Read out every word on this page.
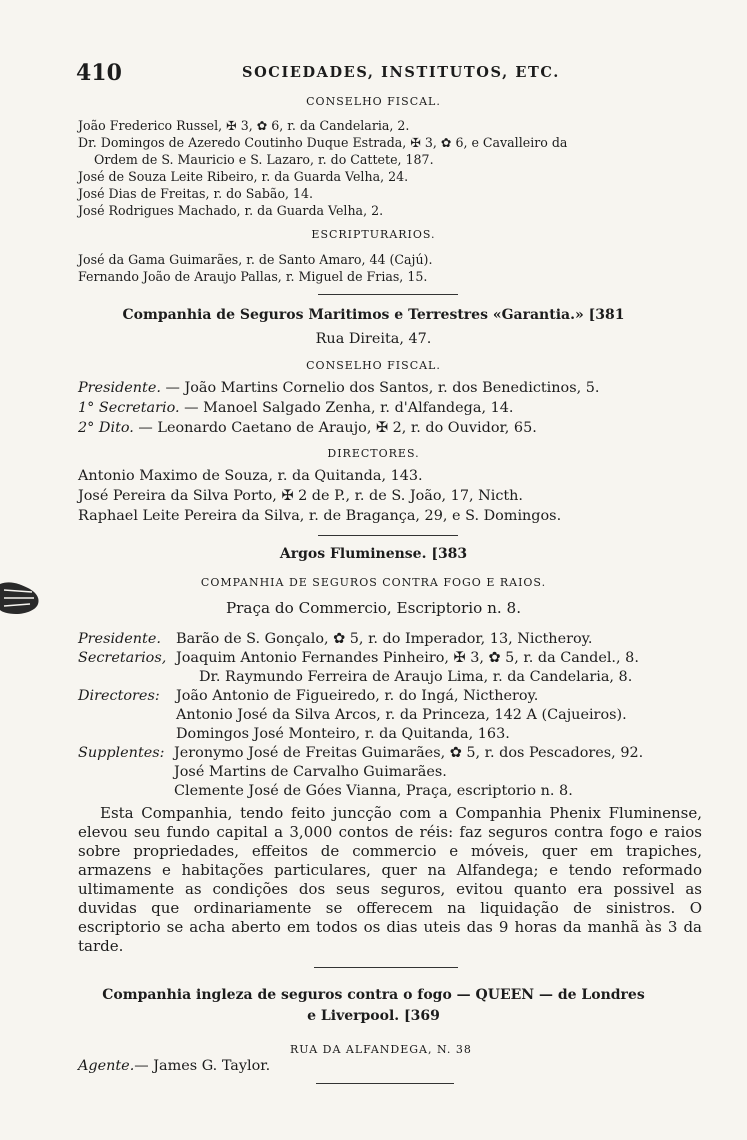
410	SOCIEDADES, INSTITUTOS, ETC.
CONSELHO FISCAL.
João Frederico Russel, ✠ 3, ✿ 6, r. da Candelaria, 2.
Dr. Domingos de Azeredo Coutinho Duque Estrada, ✠ 3, ✿ 6, e Cavalleiro da
Ordem de S. Mauricio e S. Lazaro, r. do Cattete, 187.
José de Souza Leite Ribeiro, r. da Guarda Velha, 24.
José Dias de Freitas, r. do Sabão, 14.
José Rodrigues Machado, r. da Guarda Velha, 2.
ESCRIPTURARIOS.
José da Gama Guimarães, r. de Santo Amaro, 44 (Cajú).
Fernando João de Araujo Pallas, r. Miguel de Frias, 15.
Companhia de Seguros Maritimos e Terrestres «Garantia.» [381
Rua Direita, 47.
CONSELHO FISCAL.
Presidente. — João Martins Cornelio dos Santos, r. dos Benedictinos, 5.
1° Secretario. — Manoel Salgado Zenha, r. d'Alfandega, 14.
2° Dito. — Leonardo Caetano de Araujo, ✠ 2, r. do Ouvidor, 65.
DIRECTORES.
Antonio Maximo de Souza, r. da Quitanda, 143.
José Pereira da Silva Porto, ✠ 2 de P., r. de S. João, 17, Nicth.
Raphael Leite Pereira da Silva, r. de Bragança, 29, e S. Domingos.
Argos Fluminense. [383
COMPANHIA DE SEGUROS CONTRA FOGO E RAIOS.
Praça do Commercio, Escriptorio n. 8.
Presidente. Barão de S. Gonçalo, ✿ 5, r. do Imperador, 13, Nictheroy.
Secretarios, Joaquim Antonio Fernandes Pinheiro, ✠ 3, ✿ 5, r. da Candel., 8.
Dr. Raymundo Ferreira de Araujo Lima, r. da Candelaria, 8.
Directores: João Antonio de Figueiredo, r. do Ingá, Nictheroy.
Antonio José da Silva Arcos, r. da Princeza, 142 A (Cajueiros).
Domingos José Monteiro, r. da Quitanda, 163.
Supplentes: Jeronymo José de Freitas Guimarães, ✿ 5, r. dos Pescadores, 92.
José Martins de Carvalho Guimarães.
Clemente José de Góes Vianna, Praça, escriptorio n. 8.

Esta Companhia, tendo feito juncção com a Companhia Phenix Fluminense, elevou seu fundo capital a 3,000 contos de réis: faz seguros contra fogo e raios sobre propriedades, effeitos de commercio e móveis, quer em trapiches, armazens e habitações particulares, quer na Alfandega; e tendo reformado ultimamente as condições dos seus seguros, evitou quanto era possivel as duvidas que ordinariamente se offerecem na liquidação de sinistros. O escriptorio se acha aberto em todos os dias uteis das 9 horas da manhã às 3 da tarde.

Companhia ingleza de seguros contra o fogo — QUEEN — de Londres
e Liverpool. [369
RUA DA ALFANDEGA, N. 38
Agente.— James G. Taylor.
